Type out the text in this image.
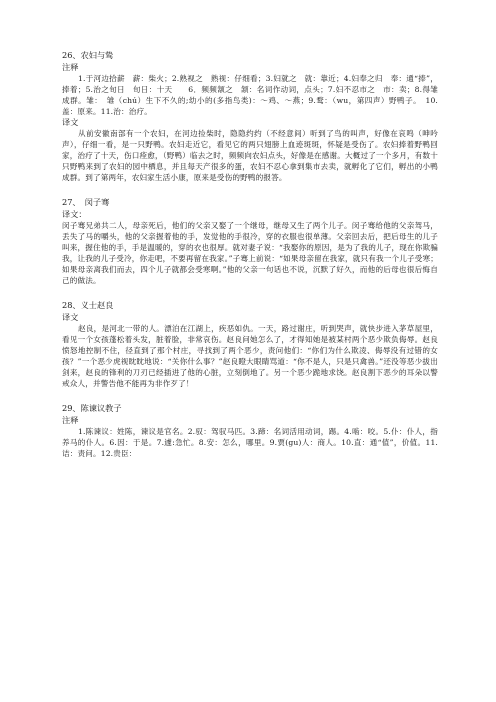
26、农妇与鸷
注释

1.于河边拾薪　薪：柴火；2.熟视之　熟视：仔细看；3.妇就之　就：靠近；4.妇奉之归　奉：通“捧”，捧着；5.治之旬日　旬日：十天　　6．频频颔之　颔：名词作动词，点头；7.妇不忍市之　市：卖；8.得雏成群。雏：　雏（chú）生下不久的;幼小的(多指鸟类)：～鸡、～燕；9.鹜：（wu，第四声）野鸭子。　10.盖：原来。11.治：治疗。

译文

从前安徽南部有一个农妇，在河边捡柴时，隐隐约约（不经意间）听到了鸟的叫声，好像在哀鸣（呻吟声），仔细一看，是一只野鸭。农妇走近它，看见它的两只翅膀上血迹斑斑，怀疑是受伤了。农妇捧着野鸭回家，治疗了十天，伤口痊愈，（野鸭）临去之时，频频向农妇点头，好像是在感谢。大概过了一个多月，有数十只野鸭来到了农妇的园中栖息，并且每天产很多的蛋，农妇不忍心拿到集市去卖，就孵化了它们，孵出的小鸭成群。到了第两年，农妇家生活小康，原来是受伤的野鸭的报答。

27、　闵子骞
译文：

闵子骞兄弟共二人，母亲死后，他们的父亲又娶了一个继母，继母又生了两个儿子。闵子骞给他的父亲驾马，丢失了马的嚼头，他的父亲握着他的手，发觉他的手很冷，穿的衣服也很单薄。父亲回去后，把后母生的儿子叫来，握住他的手，手是温暖的，穿的衣也很厚。就对妻子说：“我娶你的原因，是为了我的儿子，现在你欺骗我，让我的儿子受冷，你走吧，不要再留在我家。”子骞上前说：“如果母亲留在我家，就只有我一个儿子受寒；如果母亲离我们而去，四个儿子就都会受寒啊。”他的父亲一句话也不说，沉默了好久，而他的后母也很后悔自己的做法。

28、义士赵良
译文

赵良，是河北一带的人。漂泊在江湖上，疾恶如仇。一天，路过谢庄，听到哭声，就快步进入茅草屋里，看见一个女孩蓬松着头发，脏着脸，非常哀伤。赵良问她怎么了，才得知她是被某村两个恶少欺负侮辱。赵良愤怒地控制不住，径直到了那个村庄，寻找到了两个恶少，责问他们：“你们为什么欺凌、侮辱没有过错的女孩？”一个恶少虎视眈眈地说：“关你什么事？”赵良瞪大眼睛骂道：“你不是人，只是只禽兽。”还没等恶少拔出剑来，赵良的锋利的刀刃已经插进了他的心脏，立刻倒地了。另一个恶少跪地求饶。赵良割下恶少的耳朵以警戒众人，并警告他不能再为非作歹了！

29、陈谏议教子
注释

1.陈谏议：姓陈，谏议是官名。2.驭：驾驭马匹。3.蹄：名词活用动词，踢。4.啮：咬。5.仆：仆人，指养马的仆人。6.因：于是。7.遽:急忙。8.安：怎么，哪里。9.贾(gu)人：商人。10.直：通“值”，价值。11.诘：责问。12.贵臣：
